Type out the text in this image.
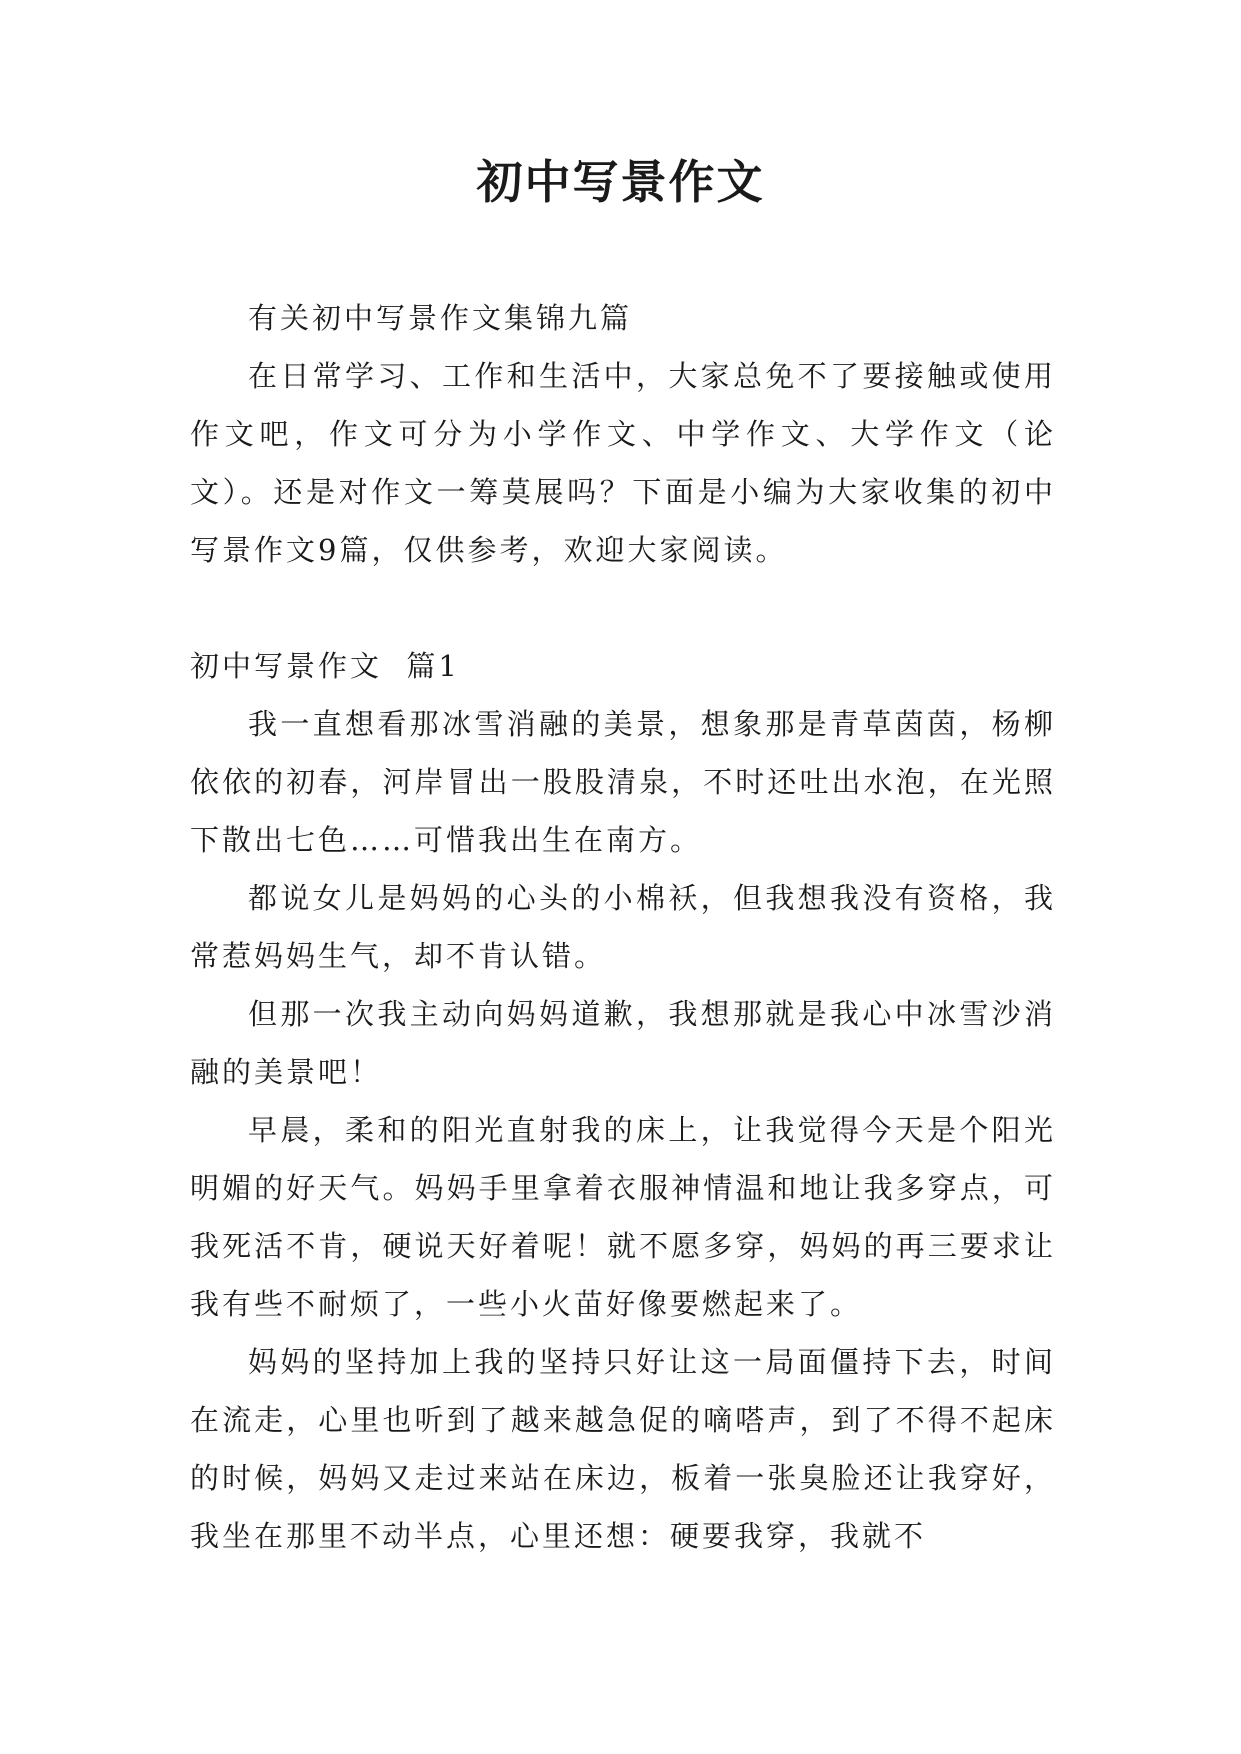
初中写景作文

有关初中写景作文集锦九篇

在日常学习、工作和生活中，大家总免不了要接触或使用作文吧，作文可分为小学作文、中学作文、大学作文（论文）。还是对作文一筹莫展吗？下面是小编为大家收集的初中写景作文9篇，仅供参考，欢迎大家阅读。

初中写景作文  篇1

我一直想看那冰雪消融的美景，想象那是青草茵茵，杨柳依依的初春，河岸冒出一股股清泉，不时还吐出水泡，在光照下散出七色……可惜我出生在南方。

都说女儿是妈妈的心头的小棉袄，但我想我没有资格，我常惹妈妈生气，却不肯认错。

但那一次我主动向妈妈道歉，我想那就是我心中冰雪沙消融的美景吧！

早晨，柔和的阳光直射我的床上，让我觉得今天是个阳光明媚的好天气。妈妈手里拿着衣服神情温和地让我多穿点，可我死活不肯，硬说天好着呢！就不愿多穿，妈妈的再三要求让我有些不耐烦了，一些小火苗好像要燃起来了。

妈妈的坚持加上我的坚持只好让这一局面僵持下去，时间在流走，心里也听到了越来越急促的嘀嗒声，到了不得不起床的时候，妈妈又走过来站在床边，板着一张臭脸还让我穿好，我坐在那里不动半点，心里还想：硬要我穿，我就不
